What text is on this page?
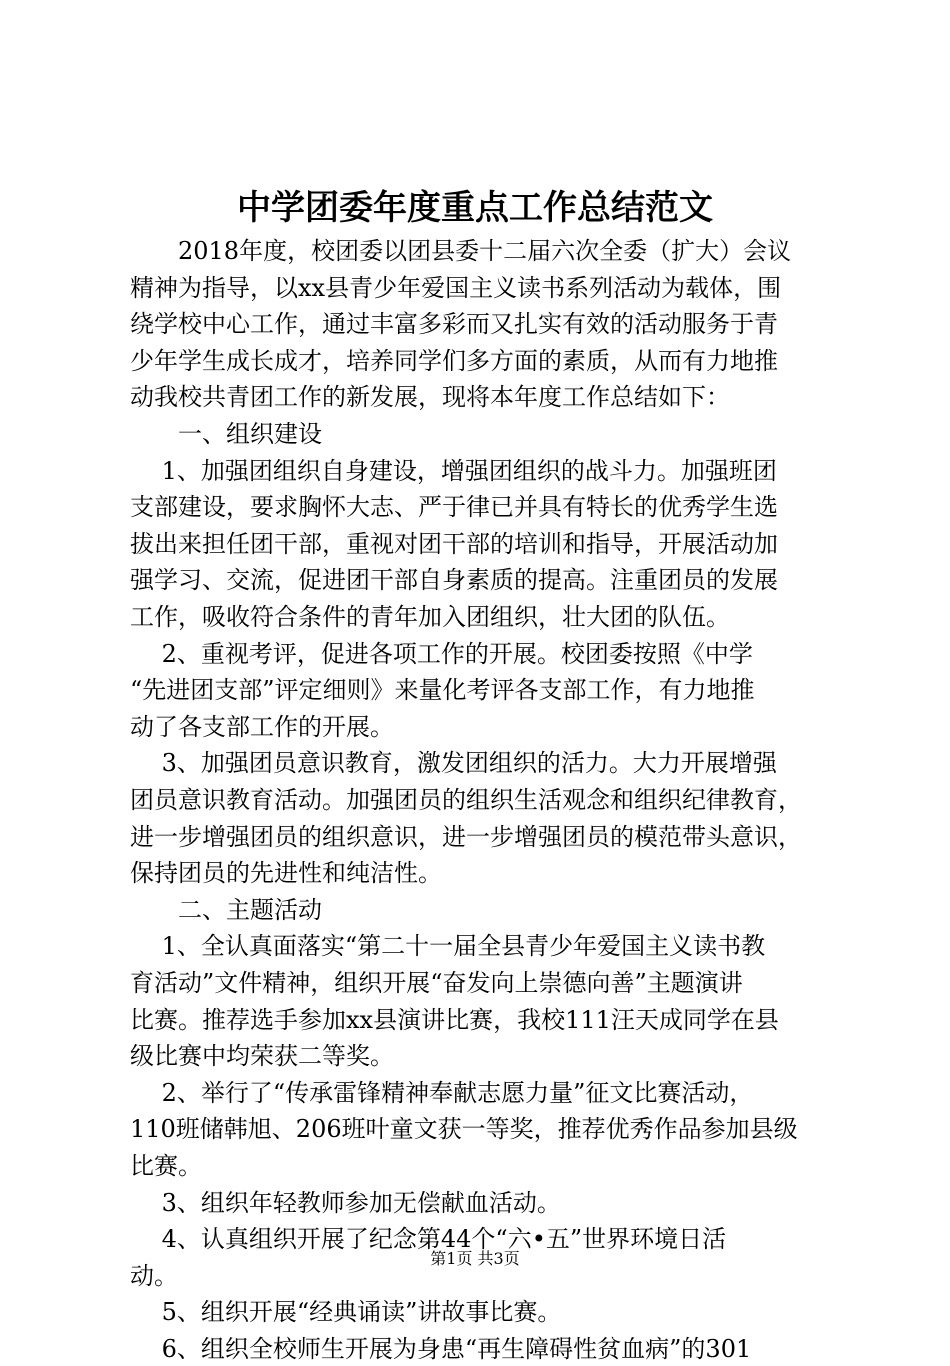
中学团委年度重点工作总结范文

　　2018年度，校团委以团县委十二届六次全委（扩大）会议

精神为指导，以xx县青少年爱国主义读书系列活动为载体，围

绕学校中心工作，通过丰富多彩而又扎实有效的活动服务于青

少年学生成长成才，培养同学们多方面的素质，从而有力地推

动我校共青团工作的新发展，现将本年度工作总结如下：

　　一、组织建设

　 1、加强团组织自身建设，增强团组织的战斗力。加强班团

支部建设，要求胸怀大志、严于律已并具有特长的优秀学生选

拔出来担任团干部，重视对团干部的培训和指导，开展活动加

强学习、交流，促进团干部自身素质的提高。注重团员的发展

工作，吸收符合条件的青年加入团组织，壮大团的队伍。

　 2、重视考评，促进各项工作的开展。校团委按照《中学

“先进团支部”评定细则》来量化考评各支部工作，有力地推

动了各支部工作的开展。

　 3、加强团员意识教育，激发团组织的活力。大力开展增强

团员意识教育活动。加强团员的组织生活观念和组织纪律教育，

进一步增强团员的组织意识，进一步增强团员的模范带头意识，

保持团员的先进性和纯洁性。

　　二、主题活动

　 1、全认真面落实“第二十一届全县青少年爱国主义读书教

育活动”文件精神，组织开展“奋发向上崇德向善”主题演讲

比赛。推荐选手参加xx县演讲比赛，我校111汪天成同学在县

级比赛中均荣获二等奖。

　 2、举行了“传承雷锋精神奉献志愿力量”征文比赛活动，

110班储韩旭、206班叶童文获一等奖，推荐优秀作品参加县级

比赛。

　 3、组织年轻教师参加无偿献血活动。

　 4、认真组织开展了纪念第44个“六•五”世界环境日活

动。

　 5、组织开展“经典诵读”讲故事比赛。

　 6、组织全校师生开展为身患“再生障碍性贫血病”的301

第1页 共3页
